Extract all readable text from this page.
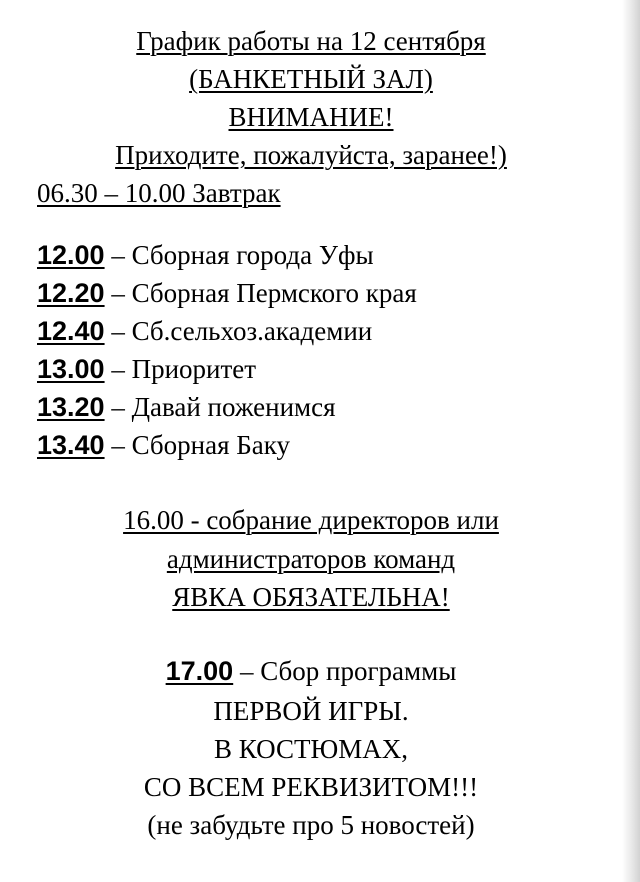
График работы на 12 сентября
(БАНКЕТНЫЙ ЗАЛ)
ВНИМАНИЕ!
Приходите, пожалуйста, заранее!)
06.30 – 10.00 Завтрак
12.00 – Сборная города Уфы
12.20 – Сборная Пермского края
12.40 – Сб.сельхоз.академии
13.00 – Приоритет
13.20 – Давай поженимся
13.40 – Сборная Баку
16.00 - собрание директоров или
администраторов команд
ЯВКА ОБЯЗАТЕЛЬНА!
17.00 – Сбор программы
ПЕРВОЙ ИГРЫ.
В КОСТЮМАХ,
СО ВСЕМ РЕКВИЗИТОМ!!!
(не забудьте про 5 новостей)
